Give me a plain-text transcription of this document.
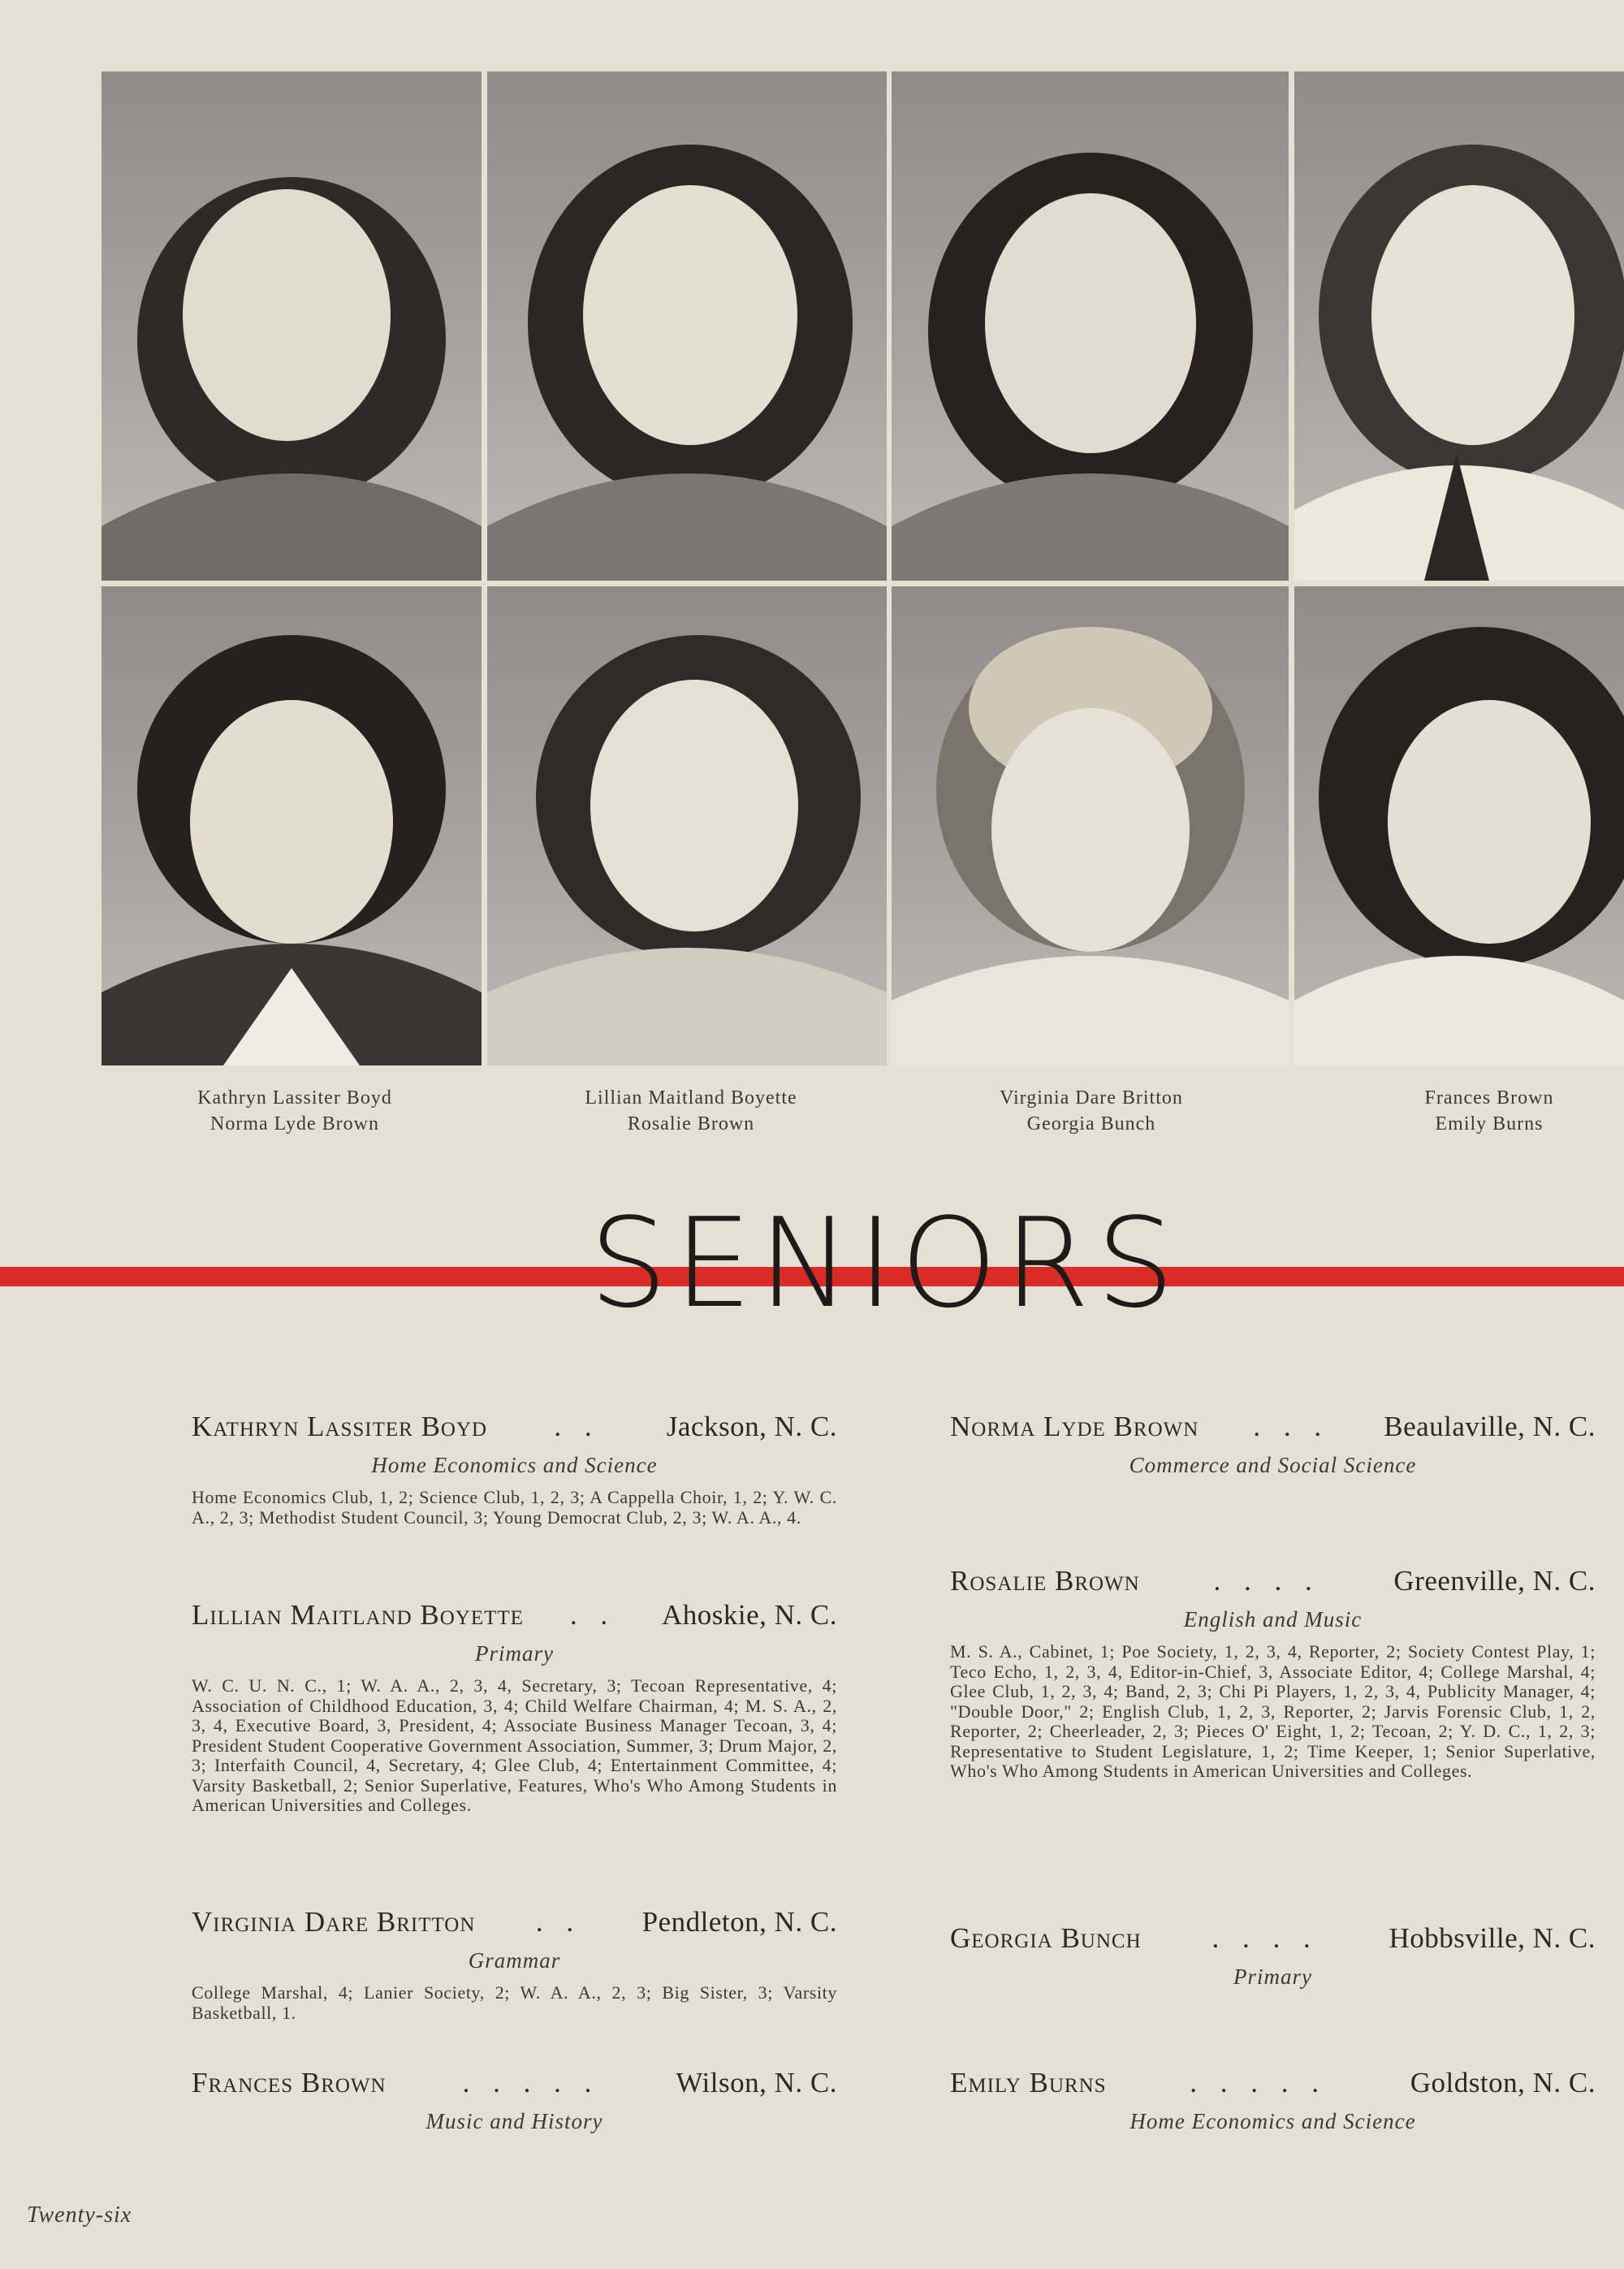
Kathryn Lassiter Boyd
Norma Lyde Brown
Lillian Maitland Boyette
Rosalie Brown
Virginia Dare Britton
Georgia Bunch
Frances Brown
Emily Burns
SENIORS
Kathryn Lassiter Boyd	. .	Jackson, N. C.
Home Economics and Science
Home Economics Club, 1, 2; Science Club, 1, 2, 3; A Cappella Choir, 1, 2; Y. W. C. A., 2, 3; Methodist Student Council, 3; Young Democrat Club, 2, 3; W. A. A., 4.
Lillian Maitland Boyette	. .	Ahoskie, N. C.
Primary
W. C. U. N. C., 1; W. A. A., 2, 3, 4, Secretary, 3; Tecoan Representative, 4; Association of Childhood Education, 3, 4; Child Welfare Chairman, 4; M. S. A., 2, 3, 4, Executive Board, 3, President, 4; Associate Business Manager Tecoan, 3, 4; President Student Cooperative Government Association, Summer, 3; Drum Major, 2, 3; Interfaith Council, 4, Secretary, 4; Glee Club, 4; Entertainment Committee, 4; Varsity Basketball, 2; Senior Superlative, Features, Who's Who Among Students in American Universities and Colleges.
Virginia Dare Britton	. .	Pendleton, N. C.
Grammar
College Marshal, 4; Lanier Society, 2; W. A. A., 2, 3; Big Sister, 3; Varsity Basketball, 1.
Frances Brown	. . . . .	Wilson, N. C.
Music and History
Norma Lyde Brown	. . .	Beaulaville, N. C.
Commerce and Social Science
Rosalie Brown	. . . .	Greenville, N. C.
English and Music
M. S. A., Cabinet, 1; Poe Society, 1, 2, 3, 4, Reporter, 2; Society Contest Play, 1; Teco Echo, 1, 2, 3, 4, Editor-in-Chief, 3, Associate Editor, 4; College Marshal, 4; Glee Club, 1, 2, 3, 4; Band, 2, 3; Chi Pi Players, 1, 2, 3, 4, Publicity Manager, 4; "Double Door," 2; English Club, 1, 2, 3, Reporter, 2; Jarvis Forensic Club, 1, 2, Reporter, 2; Cheerleader, 2, 3; Pieces O' Eight, 1, 2; Tecoan, 2; Y. D. C., 1, 2, 3; Representative to Student Legislature, 1, 2; Time Keeper, 1; Senior Superlative, Who's Who Among Students in American Universities and Colleges.
Georgia Bunch	. . . .	Hobbsville, N. C.
Primary
Emily Burns	. . . . .	Goldston, N. C.
Home Economics and Science
Twenty-six
